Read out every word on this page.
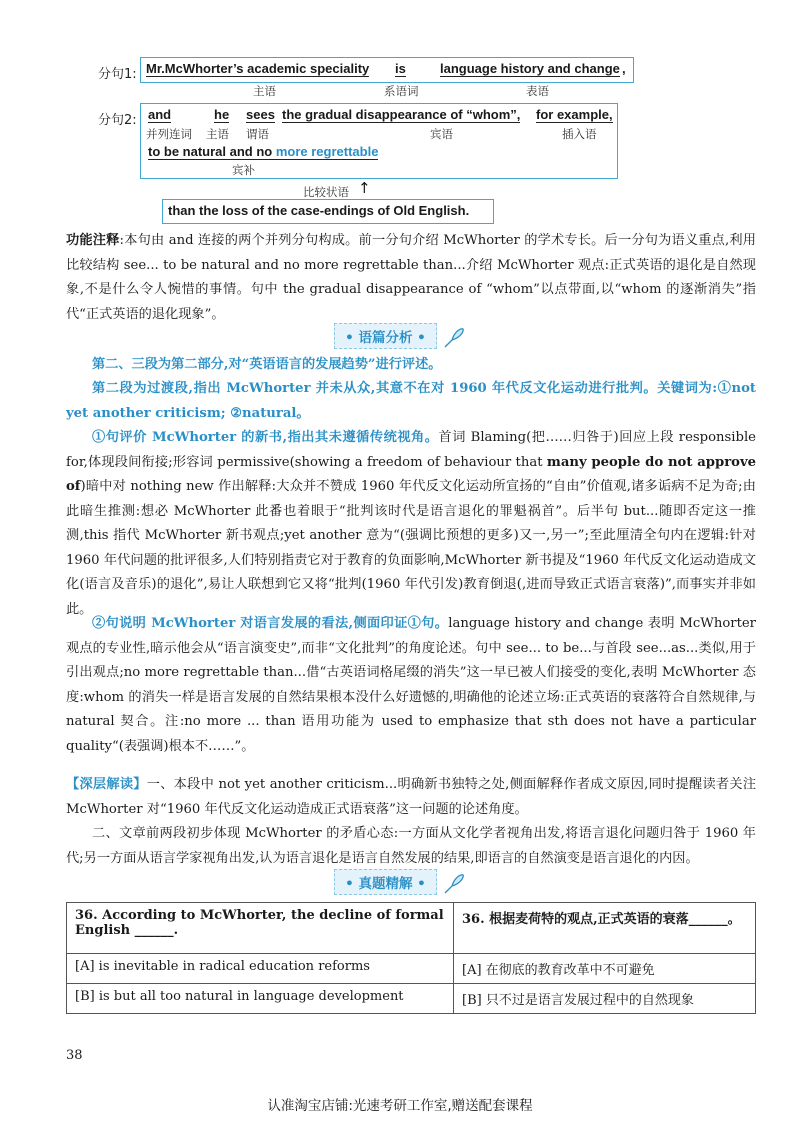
分句1: Mr.McWhorter’s academic speciality is	language history and change ,
主语	系语词	表语
分句2: and	he sees the gradual disappearance of “whom”, for example,
并列连词 主语 谓语	宾语	插入语
to be natural and no more regrettable
宾补
比较状语 ↑
than the loss of the case-endings of Old English.
功能注释:本句由 and 连接的两个并列分句构成。前一分句介绍 McWhorter 的学术专长。后一分句为语义重点,利用比较结构 see... to be natural and no more regrettable than...介绍 McWhorter 观点:正式英语的退化是自然现象,不是什么令人惋惜的事情。句中 the gradual disappearance of “whom”以点带面,以“whom 的逐渐消失”指代“正式英语的退化现象”。
• 语篇分析 •
第二、三段为第二部分,对“英语语言的发展趋势”进行评述。
第二段为过渡段,指出 McWhorter 并未从众,其意不在对 1960 年代反文化运动进行批判。关键词为:①not yet another criticism; ②natural。
①句评价 McWhorter 的新书,指出其未遵循传统视角。首词 Blaming(把……归咎于)回应上段 responsible for,体现段间衔接;形容词 permissive(showing a freedom of behaviour that many people do not approve of)暗中对 nothing new 作出解释:大众并不赞成 1960 年代反文化运动所宣扬的“自由”价值观,诸多诟病不足为奇;由此暗生推测:想必 McWhorter 此番也着眼于“批判该时代是语言退化的罪魁祸首”。后半句 but...随即否定这一推测,this 指代 McWhorter 新书观点;yet another 意为“(强调比预想的更多)又一,另一”;至此厘清全句内在逻辑:针对 1960 年代问题的批评很多,人们特别指责它对于教育的负面影响,McWhorter 新书提及“1960 年代反文化运动造成文化(语言及音乐)的退化”,易让人联想到它又将“批判(1960 年代引发)教育倒退(,进而导致正式语言衰落)”,而事实并非如此。
②句说明 McWhorter 对语言发展的看法,侧面印证①句。language history and change 表明 McWhorter 观点的专业性,暗示他会从“语言演变史”,而非“文化批判”的角度论述。句中 see... to be...与首段 see...as...类似,用于引出观点;no more regrettable than...借“古英语词格尾缀的消失”这一早已被人们接受的变化,表明 McWhorter 态度:whom 的消失一样是语言发展的自然结果根本没什么好遗憾的,明确他的论述立场:正式英语的衰落符合自然规律,与 natural 契合。注:no more ... than 语用功能为 used to emphasize that sth does not have a particular quality“(表强调)根本不……”。
【深层解读】一、本段中 not yet another criticism...明确新书独特之处,侧面解释作者成文原因,同时提醒读者关注 McWhorter 对“1960 年代反文化运动造成正式语衰落”这一问题的论述角度。
二、文章前两段初步体现 McWhorter 的矛盾心态:一方面从文化学者视角出发,将语言退化问题归咎于 1960 年代;另一方面从语言学家视角出发,认为语言退化是语言自然发展的结果,即语言的自然演变是语言退化的内因。
• 真题精解 •
36. According to McWhorter, the decline of formal English ______.	36. 根据麦荷特的观点,正式英语的衰落______。
[A] is inevitable in radical education reforms	[A] 在彻底的教育改革中不可避免
[B] is but all too natural in language development	[B] 只不过是语言发展过程中的自然现象
38
认准淘宝店铺:光速考研工作室,赠送配套课程
